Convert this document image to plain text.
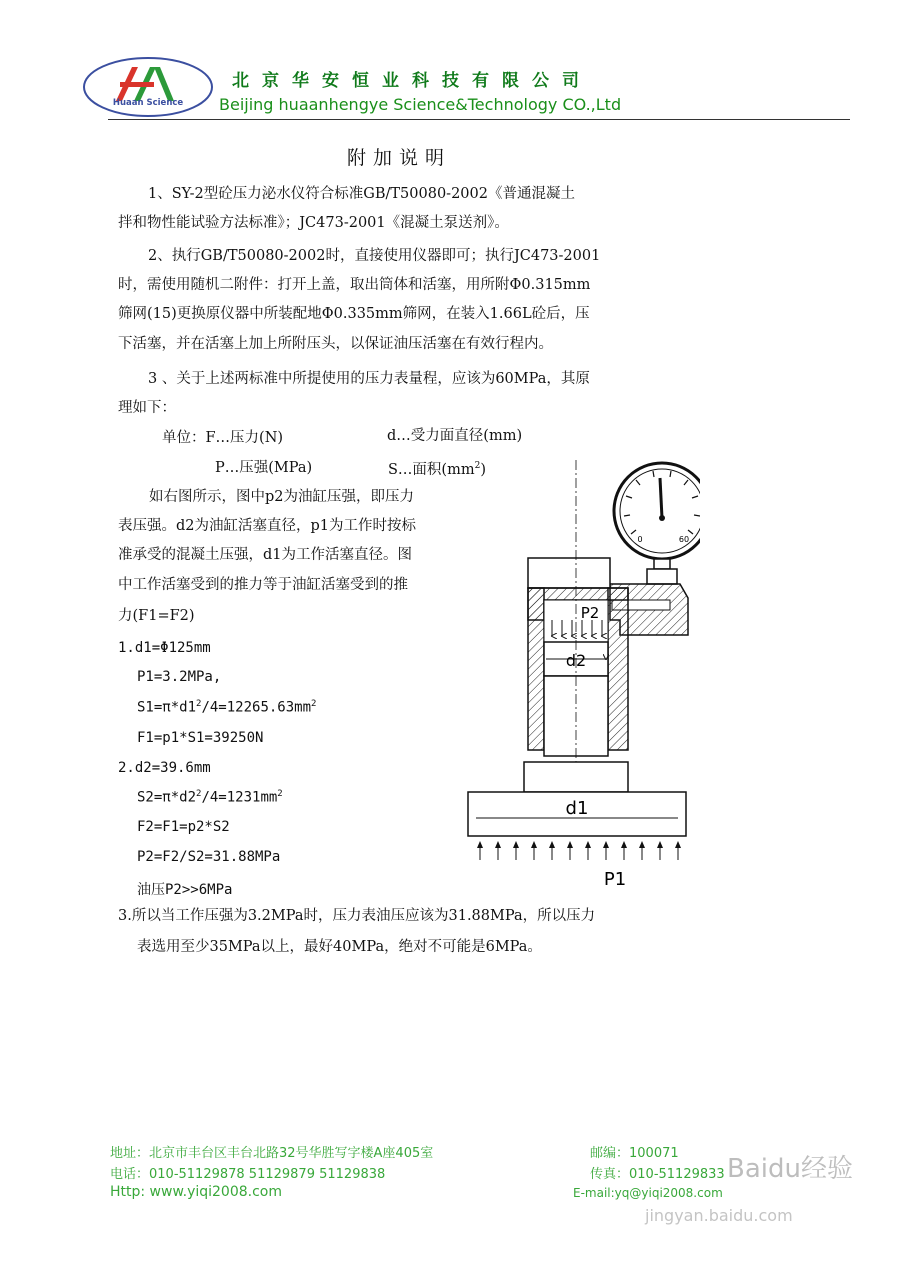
Huaan Science
北京华安恒业科技有限公司
Beijing huaanhengye Science&Technology CO.,Ltd
附加说明
1、SY-2型砼压力泌水仪符合标准GB/T50080-2002《普通混凝土
拌和物性能试验方法标准》；JC473-2001《混凝土泵送剂》。
2、执行GB/T50080-2002时，直接使用仪器即可；执行JC473-2001
时，需使用随机二附件：打开上盖，取出筒体和活塞，用所附Φ0.315mm
筛网(15)更换原仪器中所装配地Φ0.335mm筛网，在装入1.66L砼后，压
下活塞，并在活塞上加上所附压头，以保证油压活塞在有效行程内。
3 、关于上述两标准中所提使用的压力表量程，应该为60MPa，其原
理如下：
单位：F…压力(N)	d…受力面直径(mm)
P…压强(MPa)	S…面积$(mm^2)$
如右图所示，图中p2为油缸压强，即压力
表压强。d2为油缸活塞直径，p1为工作时按标
准承受的混凝土压强，d1为工作活塞直径。图
中工作活塞受到的推力等于油缸活塞受到的推
力(F1=F2)
1.d1=Φ125mm
P1=3.2MPa,
$S1=\pi*d1^2/4=12265.63mm^2$
F1=p1*S1=39250N
2.d2=39.6mm
$S2=\pi*d2^2/4=1231mm^2$
F2=F1=p2*S2
P2=F2/S2=31.88MPa
油压P2>>6MPa
3.所以当工作压强为3.2MPa时，压力表油压应该为31.88MPa，所以压力
表选用至少35MPa以上，最好40MPa，绝对不可能是6MPa。
0	60
P2
d2
d1
P1
地址：北京市丰台区丰台北路32号华胜写字楼A座405室	邮编：100071
电话：010-51129878 51129879 51129838	传真：010-51129833
Http: www.yiqi2008.com	E-mail:yq@yiqi2008.com
Baidu经验
jingyan.baidu.com
